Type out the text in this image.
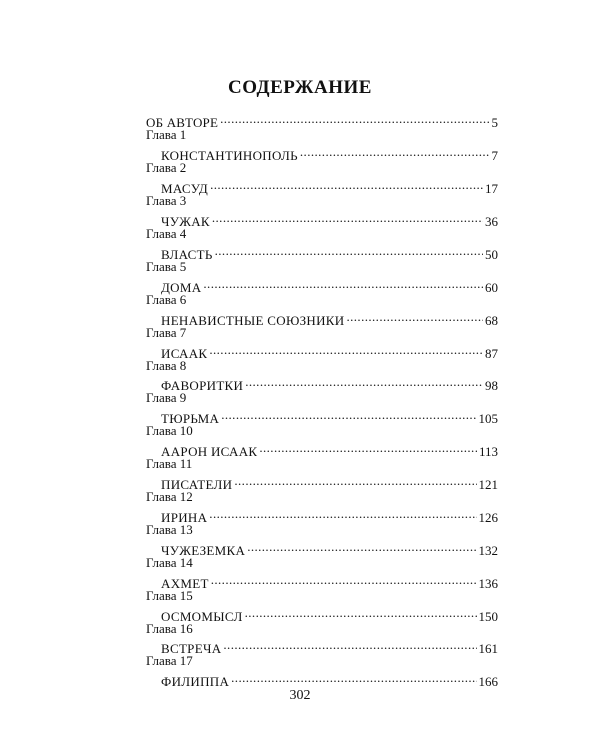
СОДЕРЖАНИЕ
ОБ АВТОРЕ .....	5
Глава 1
КОНСТАНТИНОПОЛЬ .....	7
Глава 2
МАСУД .....	17
Глава 3
ЧУЖАК .....	36
Глава 4
ВЛАСТЬ .....	50
Глава 5
ДОМА .....	60
Глава 6
НЕНАВИСТНЫЕ СОЮЗНИКИ .....	68
Глава 7
ИСААК .....	87
Глава 8
ФАВОРИТКИ .....	98
Глава 9
ТЮРЬМА .....	105
Глава 10
ААРОН ИСААК .....	113
Глава 11
ПИСАТЕЛИ .....	121
Глава 12
ИРИНА .....	126
Глава 13
ЧУЖЕЗЕМКА .....	132
Глава 14
АХМЕТ .....	136
Глава 15
ОСМОМЫСЛ .....	150
Глава 16
ВСТРЕЧА .....	161
Глава 17
ФИЛИППА .....	166
302
